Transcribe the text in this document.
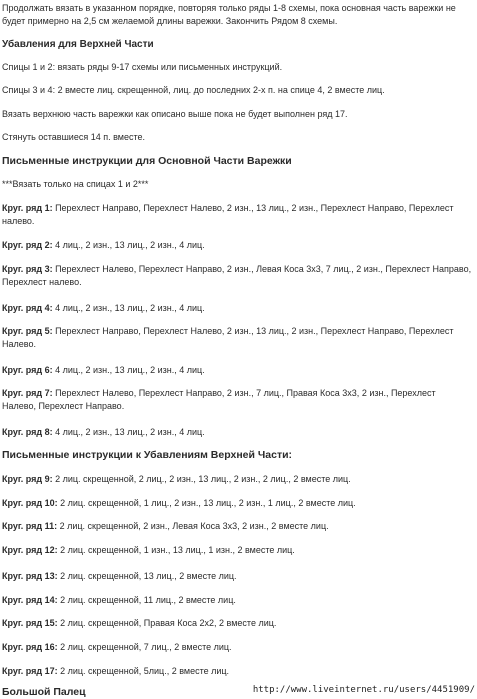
Продолжать вязать в указанном порядке, повторяя только ряды 1-8 схемы, пока основная часть варежки не будет примерно на 2,5 см желаемой длины варежки. Закончить Рядом 8 схемы.
Убавления для Верхней Части
Спицы 1 и 2: вязать ряды 9-17 схемы или письменных инструкций.
Спицы 3 и 4: 2 вместе лиц. скрещенной, лиц. до последних 2-х п. на спице 4, 2 вместе лиц.
Вязать верхнюю часть варежки как описано выше пока не будет выполнен ряд 17.
Стянуть оставшиеся 14 п. вместе.
Письменные инструкции для Основной Части Варежки
***Вязать только на спицах 1 и 2***
Круг. ряд 1: Перехлест Направо, Перехлест Налево, 2 изн., 13 лиц., 2 изн., Перехлест Направо, Перехлест налево.
Круг. ряд 2: 4 лиц., 2 изн., 13 лиц., 2 изн., 4 лиц.
Круг. ряд 3: Перехлест Налево, Перехлест Направо, 2 изн., Левая Коса 3х3, 7 лиц., 2 изн., Перехлест Направо, Перехлест налево.
Круг. ряд 4: 4 лиц., 2 изн., 13 лиц., 2 изн., 4 лиц.
Круг. ряд 5: Перехлест Направо, Перехлест Налево, 2 изн., 13 лиц., 2 изн., Перехлест Направо, Перехлест Налево.
Круг. ряд 6: 4 лиц., 2 изн., 13 лиц., 2 изн., 4 лиц.
Круг. ряд 7: Перехлест Налево, Перехлест Направо, 2 изн., 7 лиц., Правая Коса 3х3, 2 изн., Перехлест Налево, Перехлест Направо.
Круг. ряд 8: 4 лиц., 2 изн., 13 лиц., 2 изн., 4 лиц.
Письменные инструкции к Убавлениям Верхней Части:
Круг. ряд 9: 2 лиц. скрещенной, 2 лиц., 2 изн., 13 лиц., 2 изн., 2 лиц., 2 вместе лиц.
Круг. ряд 10: 2 лиц. скрещенной, 1 лиц., 2 изн., 13 лиц., 2 изн., 1 лиц., 2 вместе лиц.
Круг. ряд 11: 2 лиц. скрещенной, 2 изн., Левая Коса 3х3, 2 изн., 2 вместе лиц.
Круг. ряд 12: 2 лиц. скрещенной, 1 изн., 13 лиц., 1 изн., 2 вместе лиц.
Круг. ряд 13: 2 лиц. скрещенной, 13 лиц., 2 вместе лиц.
Круг. ряд 14: 2 лиц. скрещенной, 11 лиц., 2 вместе лиц.
Круг. ряд 15: 2 лиц. скрещенной, Правая Коса 2х2, 2 вместе лиц.
Круг. ряд 16: 2 лиц. скрещенной, 7 лиц., 2 вместе лиц.
Круг. ряд 17: 2 лиц. скрещенной, 5лиц., 2 вместе лиц.
Большой Палец	http://www.liveinternet.ru/users/4451909/
